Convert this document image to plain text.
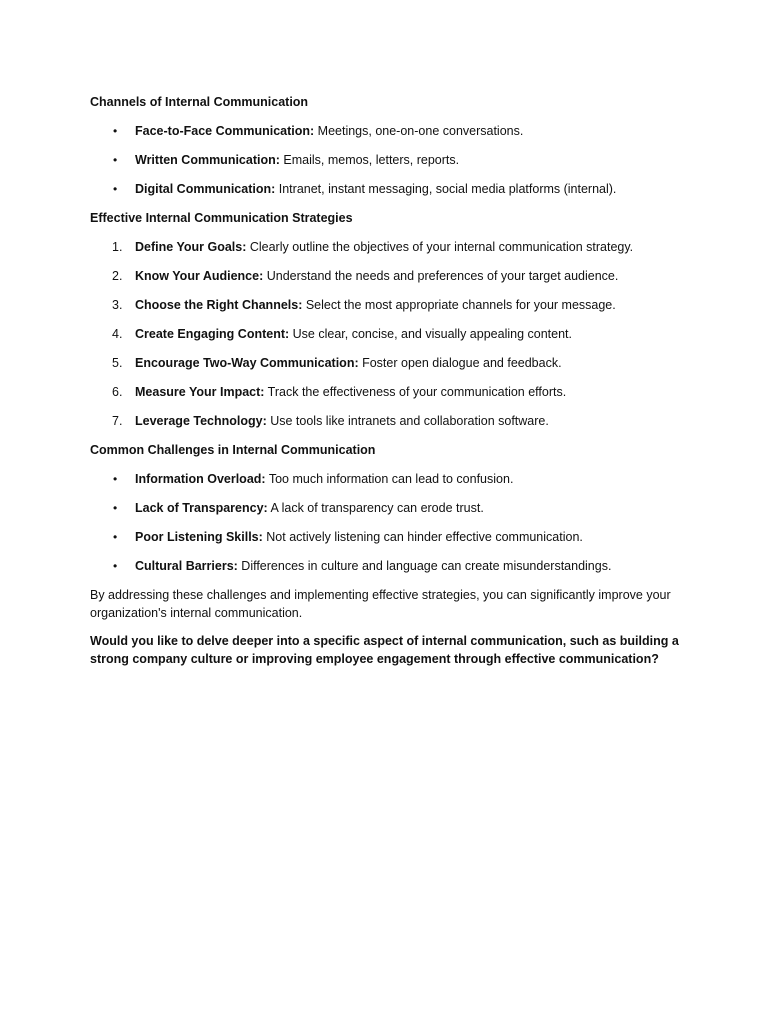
Channels of Internal Communication
• Face-to-Face Communication: Meetings, one-on-one conversations.
• Written Communication: Emails, memos, letters, reports.
• Digital Communication: Intranet, instant messaging, social media platforms (internal).
Effective Internal Communication Strategies
1. Define Your Goals: Clearly outline the objectives of your internal communication strategy.
2. Know Your Audience: Understand the needs and preferences of your target audience.
3. Choose the Right Channels: Select the most appropriate channels for your message.
4. Create Engaging Content: Use clear, concise, and visually appealing content.
5. Encourage Two-Way Communication: Foster open dialogue and feedback.
6. Measure Your Impact: Track the effectiveness of your communication efforts.
7. Leverage Technology: Use tools like intranets and collaboration software.
Common Challenges in Internal Communication
• Information Overload: Too much information can lead to confusion.
• Lack of Transparency: A lack of transparency can erode trust.
• Poor Listening Skills: Not actively listening can hinder effective communication.
• Cultural Barriers: Differences in culture and language can create misunderstandings.

By addressing these challenges and implementing effective strategies, you can significantly improve your organization's internal communication.

Would you like to delve deeper into a specific aspect of internal communication, such as building a strong company culture or improving employee engagement through effective communication?
